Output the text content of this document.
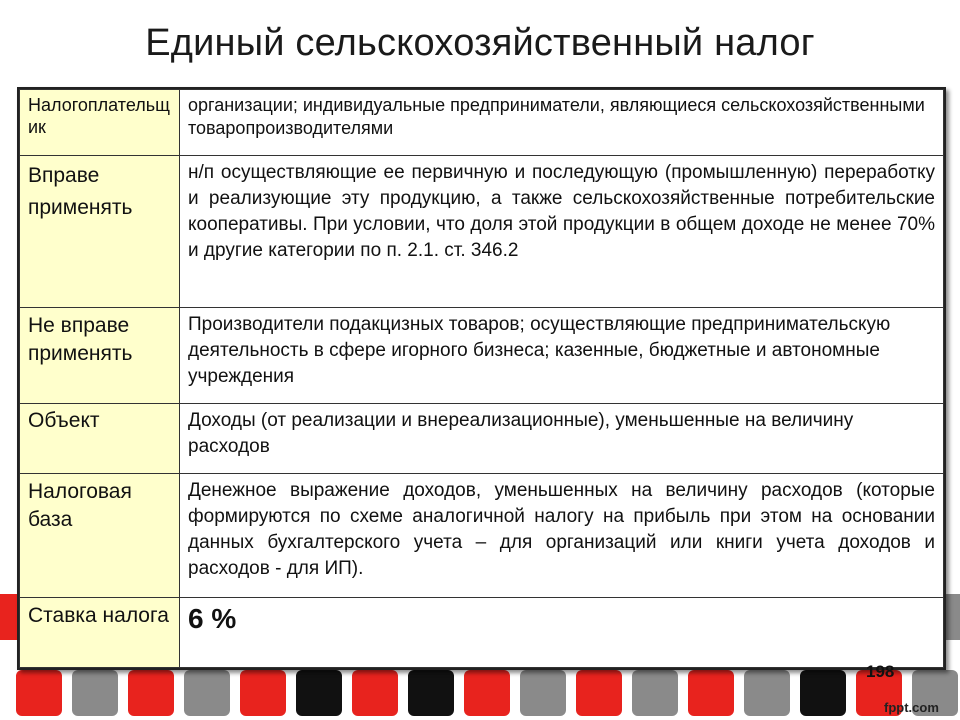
Единый сельскохозяйственный налог
Налогоплательщик	организации; индивидуальные предприниматели, являющиеся сельскохозяйственными товаропроизводителями
Вправе применять	н/п осуществляющие ее первичную и последующую (промышленную) переработку и реализующие эту продукцию, а также сельскохозяйственные потребительские кооперативы. При условии, что доля этой продукции в общем доходе не менее 70% и другие категории по п. 2.1. ст. 346.2
Не вправе применять	Производители подакцизных товаров; осуществляющие предпринимательскую деятельность в сфере игорного бизнеса; казенные, бюджетные и автономные учреждения
Объект	Доходы (от реализации и внереализационные), уменьшенные на величину расходов
Налоговая база	Денежное выражение доходов, уменьшенных на величину расходов (которые формируются по схеме аналогичной налогу на прибыль при этом на основании данных бухгалтерского учета – для организаций или книги учета доходов и расходов - для ИП).
Ставка налога	6 %
198
fppt.com
